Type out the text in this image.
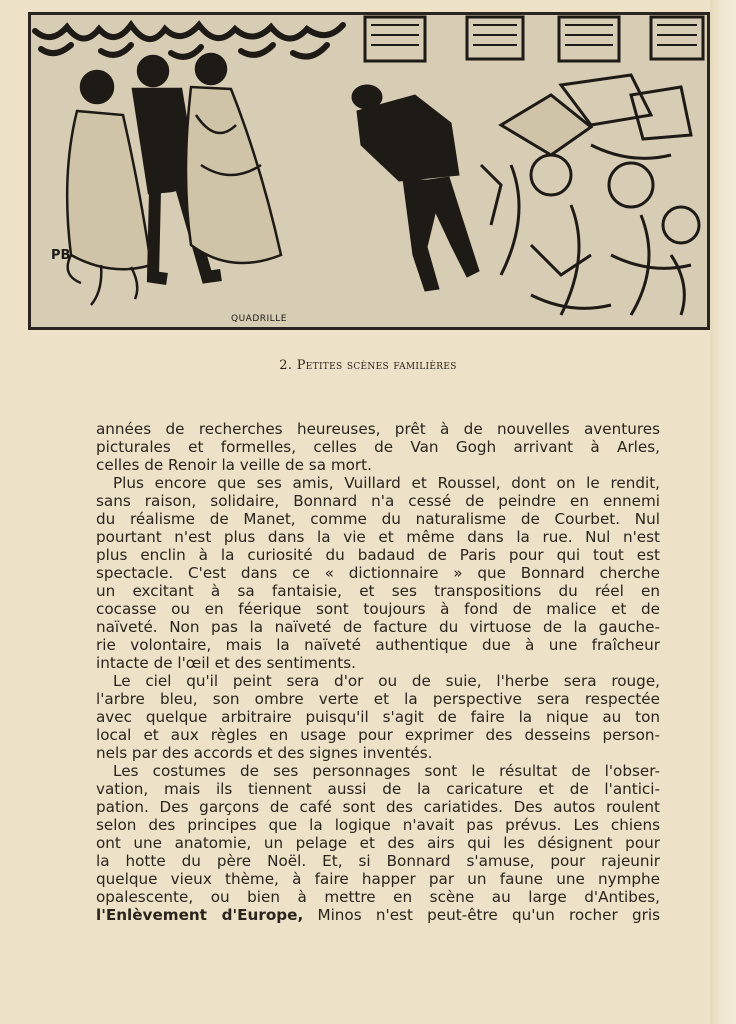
PB
QUADRILLE
2. Petites scènes familières

années de recherches heureuses, prêt à de nouvelles aventures

picturales et formelles, celles de Van Gogh arrivant à Arles,

celles de Renoir la veille de sa mort.

Plus encore que ses amis, Vuillard et Roussel, dont on le rendit,

sans raison, solidaire, Bonnard n'a cessé de peindre en ennemi

du réalisme de Manet, comme du naturalisme de Courbet. Nul

pourtant n'est plus dans la vie et même dans la rue. Nul n'est

plus enclin à la curiosité du badaud de Paris pour qui tout est

spectacle. C'est dans ce « dictionnaire » que Bonnard cherche

un excitant à sa fantaisie, et ses transpositions du réel en

cocasse ou en féerique sont toujours à fond de malice et de

naïveté. Non pas la naïveté de facture du virtuose de la gauche-

rie volontaire, mais la naïveté authentique due à une fraîcheur

intacte de l'œil et des sentiments.

Le ciel qu'il peint sera d'or ou de suie, l'herbe sera rouge,

l'arbre bleu, son ombre verte et la perspective sera respectée

avec quelque arbitraire puisqu'il s'agit de faire la nique au ton

local et aux règles en usage pour exprimer des desseins person-

nels par des accords et des signes inventés.

Les costumes de ses personnages sont le résultat de l'obser-

vation, mais ils tiennent aussi de la caricature et de l'antici-

pation. Des garçons de café sont des cariatides. Des autos roulent

selon des principes que la logique n'avait pas prévus. Les chiens

ont une anatomie, un pelage et des airs qui les désignent pour

la hotte du père Noël. Et, si Bonnard s'amuse, pour rajeunir

quelque vieux thème, à faire happer par un faune une nymphe

opalescente, ou bien à mettre en scène au large d'Antibes,

l'Enlèvement d'Europe, Minos n'est peut-être qu'un rocher gris
